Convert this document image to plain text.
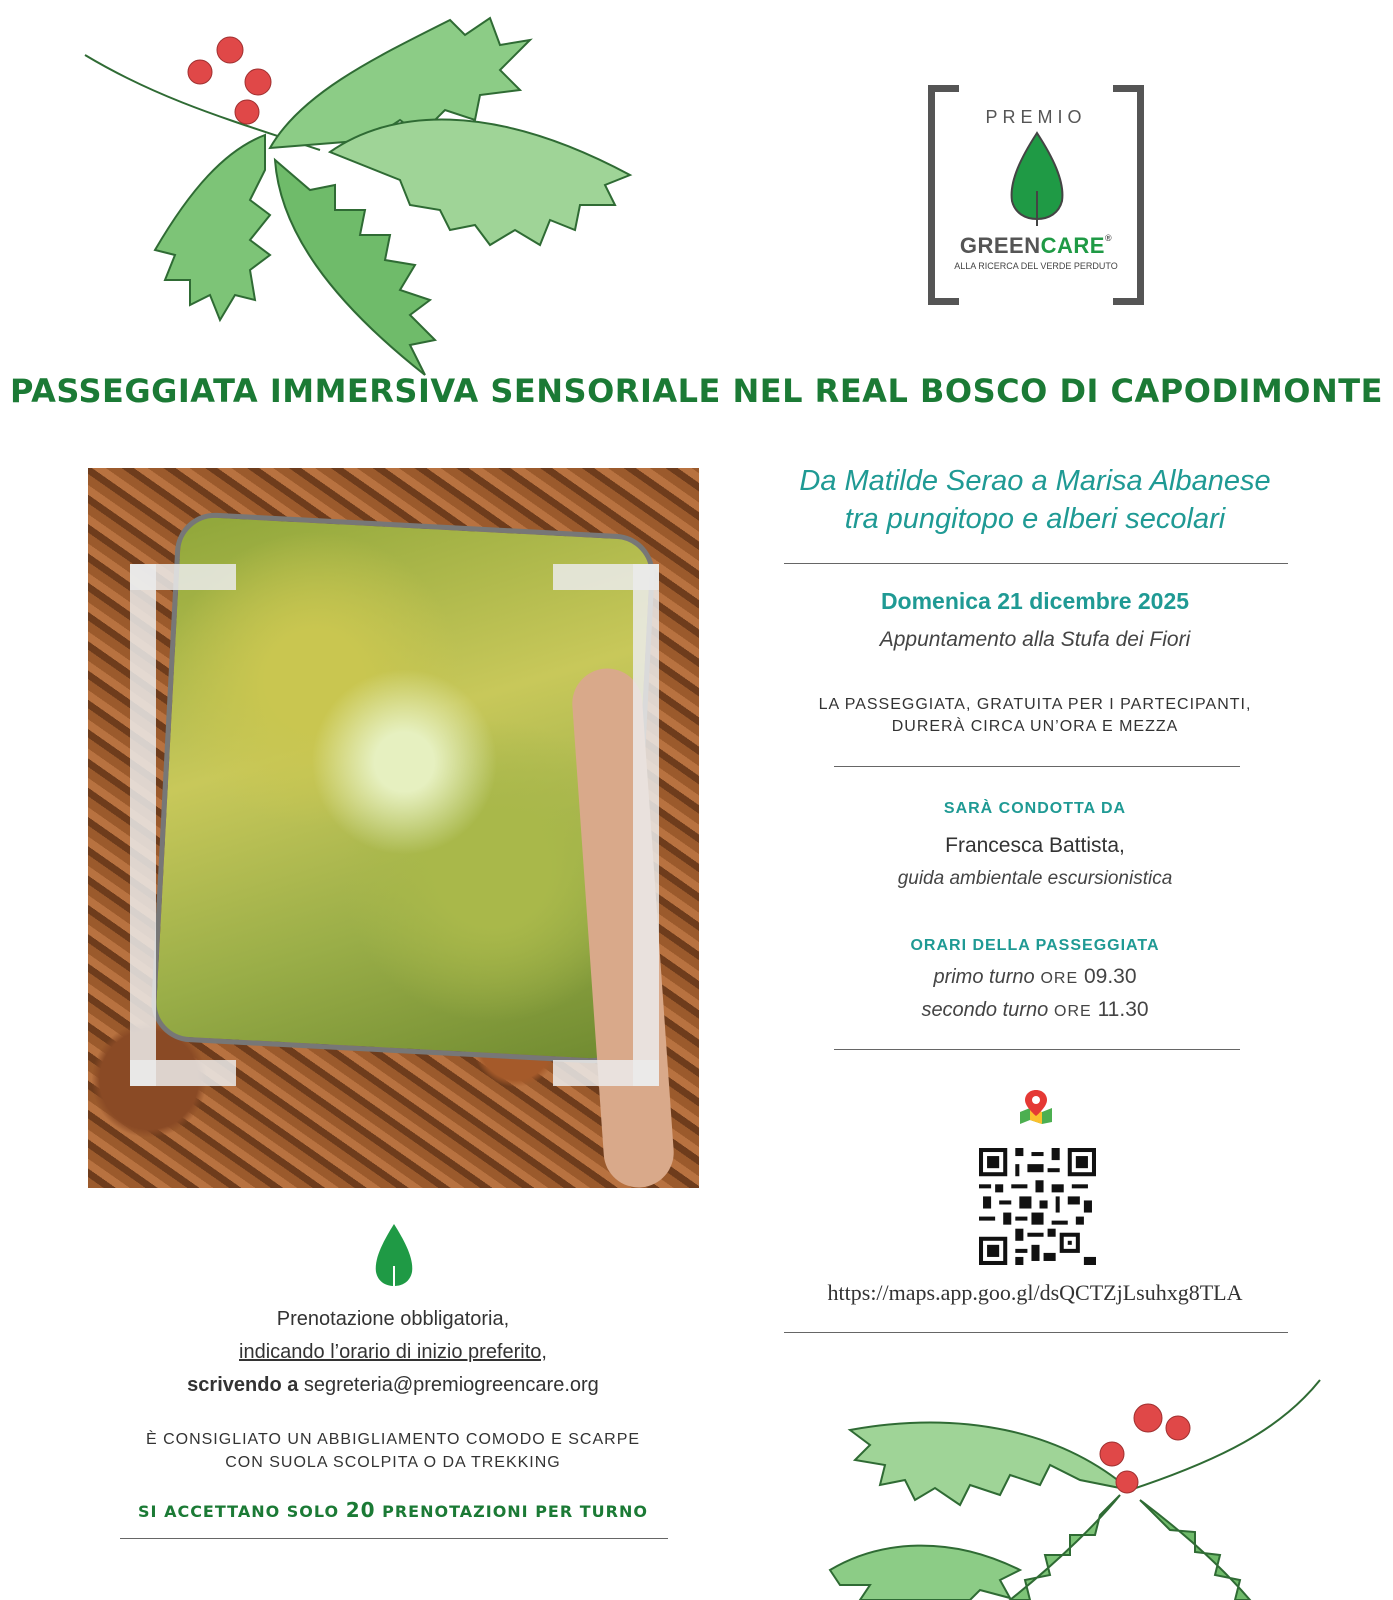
PREMIO
GREENCARE®
ALLA RICERCA DEL VERDE PERDUTO
PASSEGGIATA IMMERSIVA SENSORIALE NEL REAL BOSCO DI CAPODIMONTE
Da Matilde Serao a Marisa Albanese
tra pungitopo e alberi secolari
Domenica 21 dicembre 2025
Appuntamento alla Stufa dei Fiori
LA PASSEGGIATA, GRATUITA PER I PARTECIPANTI,
DURERÀ CIRCA UN’ORA E MEZZA
SARÀ CONDOTTA DA
Francesca Battista,
guida ambientale escursionistica
ORARI DELLA PASSEGGIATA
primo turno ORE 09.30
secondo turno ORE 11.30
https://maps.app.goo.gl/dsQCTZjLsuhxg8TLA
Prenotazione obbligatoria,
indicando l’orario di inizio preferito,
scrivendo a segreteria@premiogreencare.org
È CONSIGLIATO UN ABBIGLIAMENTO COMODO E SCARPE
CON SUOLA SCOLPITA O DA TREKKING
SI ACCETTANO SOLO 20 PRENOTAZIONI PER TURNO
